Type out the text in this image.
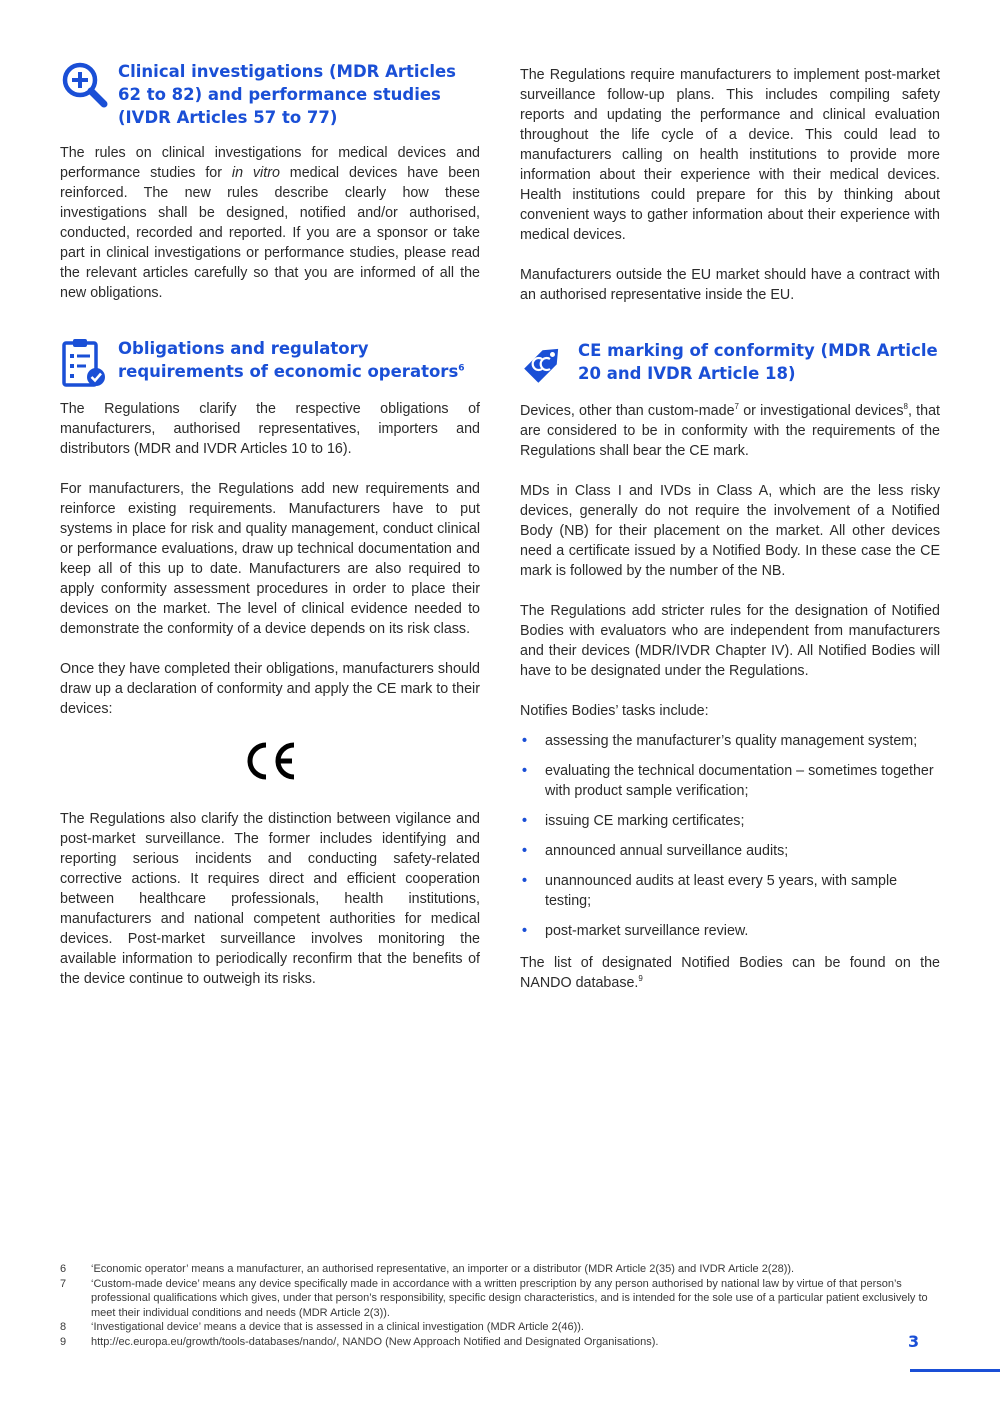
Clinical investigations (MDR Articles 62 to 82) and performance studies (IVDR Articles 57 to 77)

The rules on clinical investigations for medical devices and performance studies for in vitro medical devices have been reinforced. The new rules describe clearly how these investigations shall be designed, notified and/or authorised, conducted, recorded and reported. If you are a sponsor or take part in clinical investigations or performance studies, please read the relevant articles carefully so that you are informed of all the new obligations.

Obligations and regulatory requirements of economic operators$^6$

The Regulations clarify the respective obligations of manufacturers, authorised representatives, importers and distributors (MDR and IVDR Articles 10 to 16).

For manufacturers, the Regulations add new requirements and reinforce existing requirements. Manufacturers have to put systems in place for risk and quality management, conduct clinical or performance evaluations, draw up technical documentation and keep all of this up to date. Manufacturers are also required to apply conformity assessment procedures in order to place their devices on the market. The level of clinical evidence needed to demonstrate the conformity of a device depends on its risk class.

Once they have completed their obligations, manufacturers should draw up a declaration of conformity and apply the CE mark to their devices:

The Regulations also clarify the distinction between vigilance and post-market surveillance. The former includes identifying and reporting serious incidents and conducting safety-related corrective actions. It requires direct and efficient cooperation between healthcare professionals, health institutions, manufacturers and national competent authorities for medical devices. Post-market surveillance involves monitoring the available information to periodically reconfirm that the benefits of the device continue to outweigh its risks.

The Regulations require manufacturers to implement post-market surveillance follow-up plans. This includes compiling safety reports and updating the performance and clinical evaluation throughout the life cycle of a device. This could lead to manufacturers calling on health institutions to provide more information about their experience with their medical devices. Health institutions could prepare for this by thinking about convenient ways to gather information about their experience with medical devices.

Manufacturers outside the EU market should have a contract with an authorised representative inside the EU.

CE marking of conformity (MDR Article 20 and IVDR Article 18)

Devices, other than custom-made$^7$ or investigational devices$^8$, that are considered to be in conformity with the requirements of the Regulations shall bear the CE mark.

MDs in Class I and IVDs in Class A, which are the less risky devices, generally do not require the involvement of a Notified Body (NB) for their placement on the market. All other devices need a certificate issued by a Notified Body. In these case the CE mark is followed by the number of the NB.

The Regulations add stricter rules for the designation of Notified Bodies with evaluators who are independent from manufacturers and their devices (MDR/IVDR Chapter IV). All Notified Bodies will have to be designated under the Regulations.

Notifies Bodies’ tasks include:

• assessing the manufacturer’s quality management system;
• evaluating the technical documentation – sometimes together with product sample verification;
• issuing CE marking certificates;
• announced annual surveillance audits;
• unannounced audits at least every 5 years, with sample testing;
• post-market surveillance review.

The list of designated Notified Bodies can be found on the NANDO database.$^9$

6	‘Economic operator’ means a manufacturer, an authorised representative, an importer or a distributor (MDR Article 2(35) and IVDR Article 2(28)).
7	‘Custom-made device’ means any device specifically made in accordance with a written prescription by any person authorised by national law by virtue of that person’s professional qualifications which gives, under that person’s responsibility, specific design characteristics, and is intended for the sole use of a particular patient exclusively to meet their individual conditions and needs (MDR Article 2(3)).
8	‘Investigational device’ means a device that is assessed in a clinical investigation (MDR Article 2(46)).
9	http://ec.europa.eu/growth/tools-databases/nando/, NANDO (New Approach Notified and Designated Organisations).	3
